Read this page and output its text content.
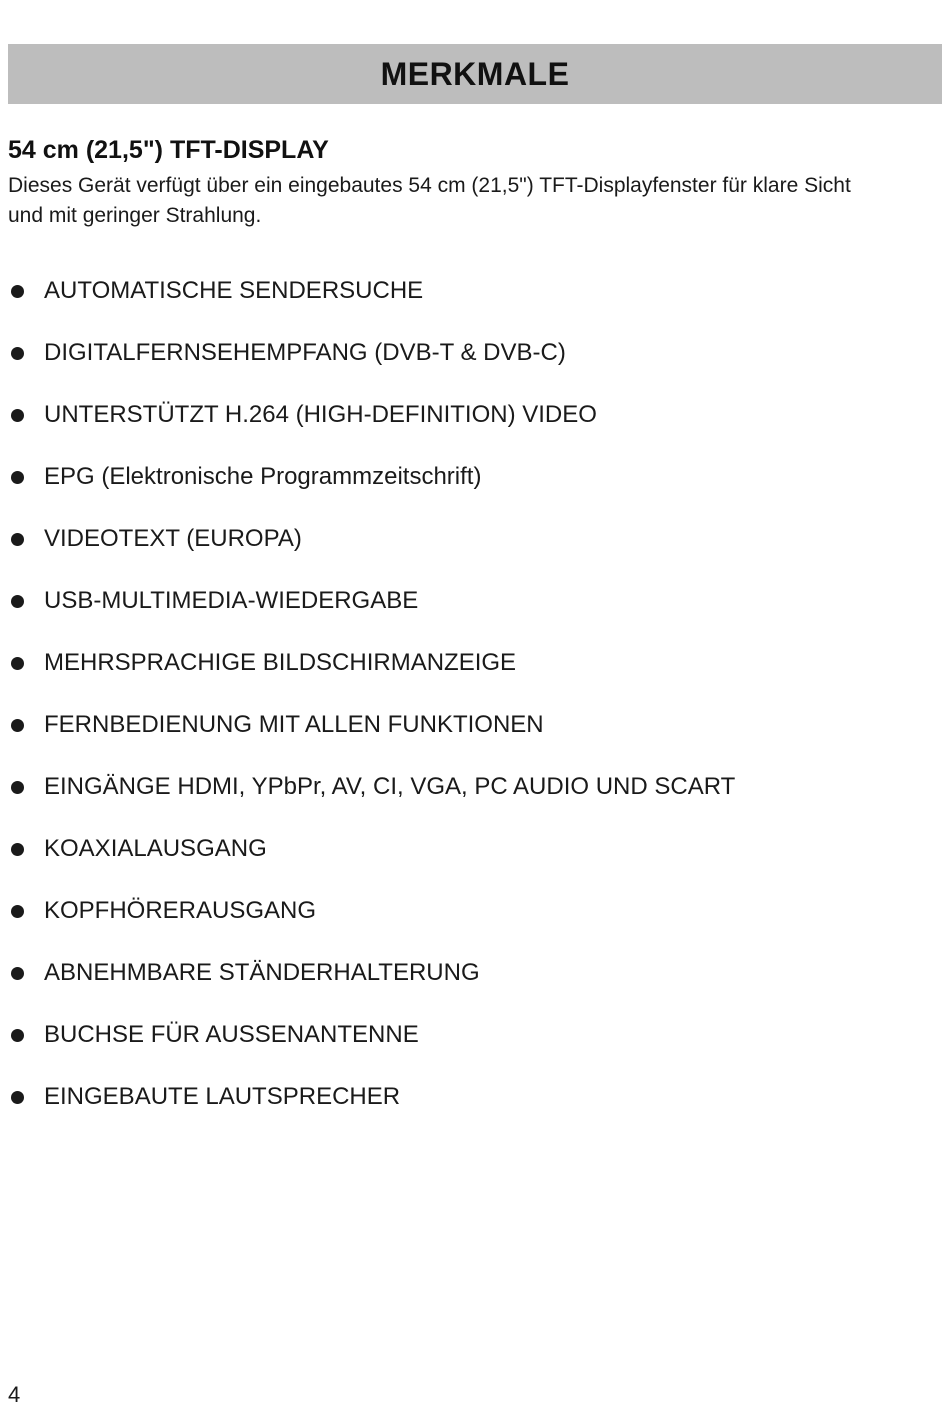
MERKMALE
54 cm (21,5") TFT-DISPLAY
Dieses Gerät verfügt über ein eingebautes 54 cm (21,5") TFT-Displayfenster für klare Sicht
und mit geringer Strahlung.
AUTOMATISCHE SENDERSUCHE
DIGITALFERNSEHEMPFANG (DVB-T & DVB-C)
UNTERSTÜTZT H.264 (HIGH-DEFINITION) VIDEO
EPG (Elektronische Programmzeitschrift)
VIDEOTEXT (EUROPA)
USB-MULTIMEDIA-WIEDERGABE
MEHRSPRACHIGE BILDSCHIRMANZEIGE
FERNBEDIENUNG MIT ALLEN FUNKTIONEN
EINGÄNGE HDMI, YPbPr, AV, CI, VGA, PC AUDIO UND SCART
KOAXIALAUSGANG
KOPFHÖRERAUSGANG
ABNEHMBARE STÄNDERHALTERUNG
BUCHSE FÜR AUSSENANTENNE
EINGEBAUTE LAUTSPRECHER
4
